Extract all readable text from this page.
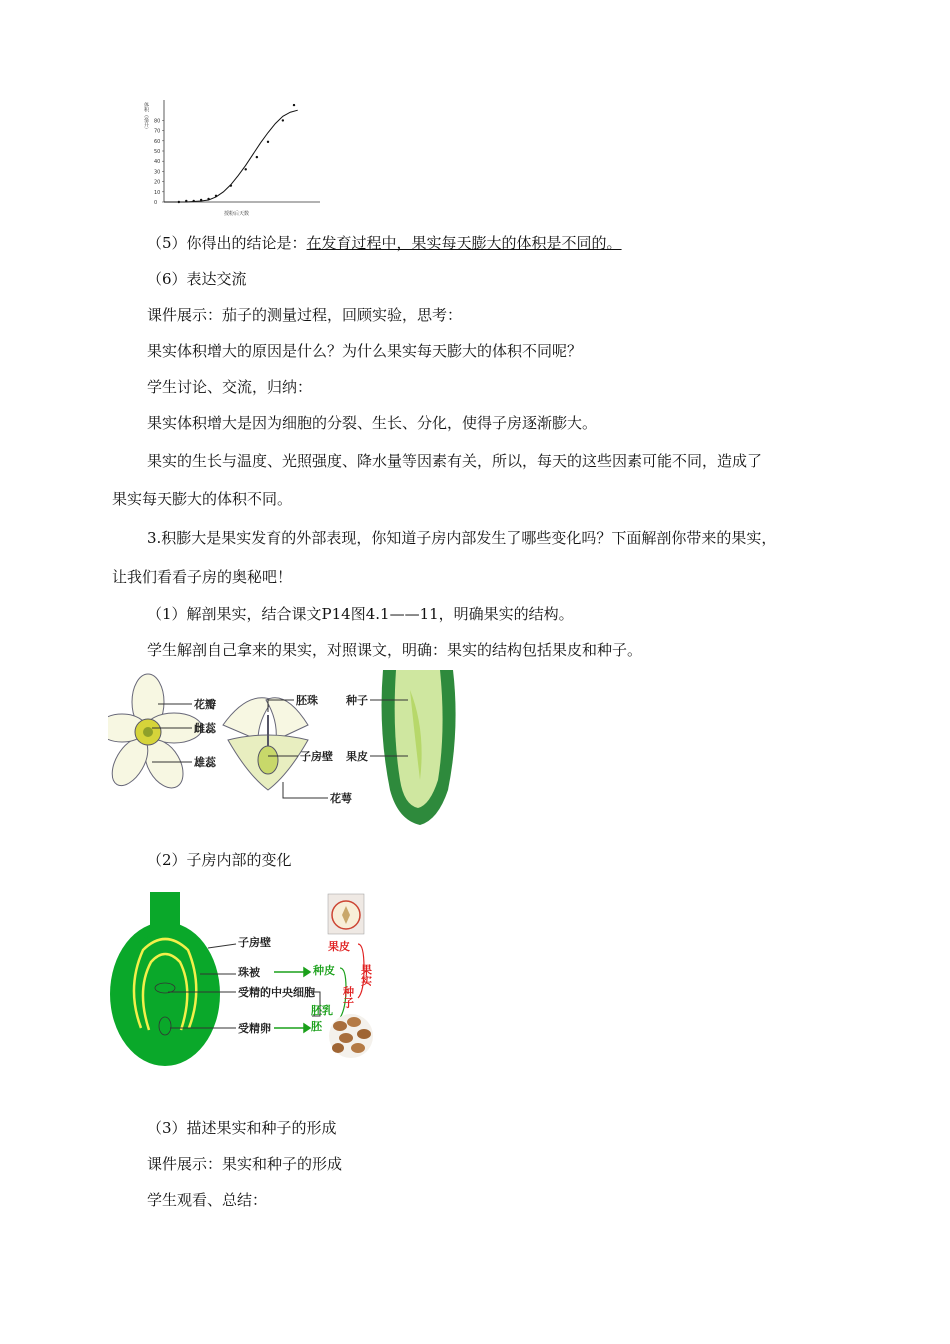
体积（毫升）
0
10
20
30
40
50
60
70
80
授粉后天数
（5）你得出的结论是：在发育过程中，果实每天膨大的体积是不同的。
（6）表达交流
课件展示：茄子的测量过程，回顾实验，思考：
果实体积增大的原因是什么？为什么果实每天膨大的体积不同呢？
学生讨论、交流，归纳：
果实体积增大是因为细胞的分裂、生长、分化，使得子房逐渐膨大。
果实的生长与温度、光照强度、降水量等因素有关，所以，每天的这些因素可能不同，造成了
果实每天膨大的体积不同。
3.积膨大是果实发育的外部表现，你知道子房内部发生了哪些变化吗？下面解剖你带来的果实，
让我们看看子房的奥秘吧！
（1）解剖果实，结合课文P14图4.1——11，明确果实的结构。
学生解剖自己拿来的果实，对照课文，明确：果实的结构包括果皮和种子。
花瓣
雌蕊
雄蕊
胚珠
子房壁
花萼
种子
果皮
（2）子房内部的变化
子房壁
珠被
受精的中央细胞
受精卵
果皮
种皮
胚乳
胚
种子
果实
（3）描述果实和种子的形成
课件展示：果实和种子的形成
学生观看、总结：
